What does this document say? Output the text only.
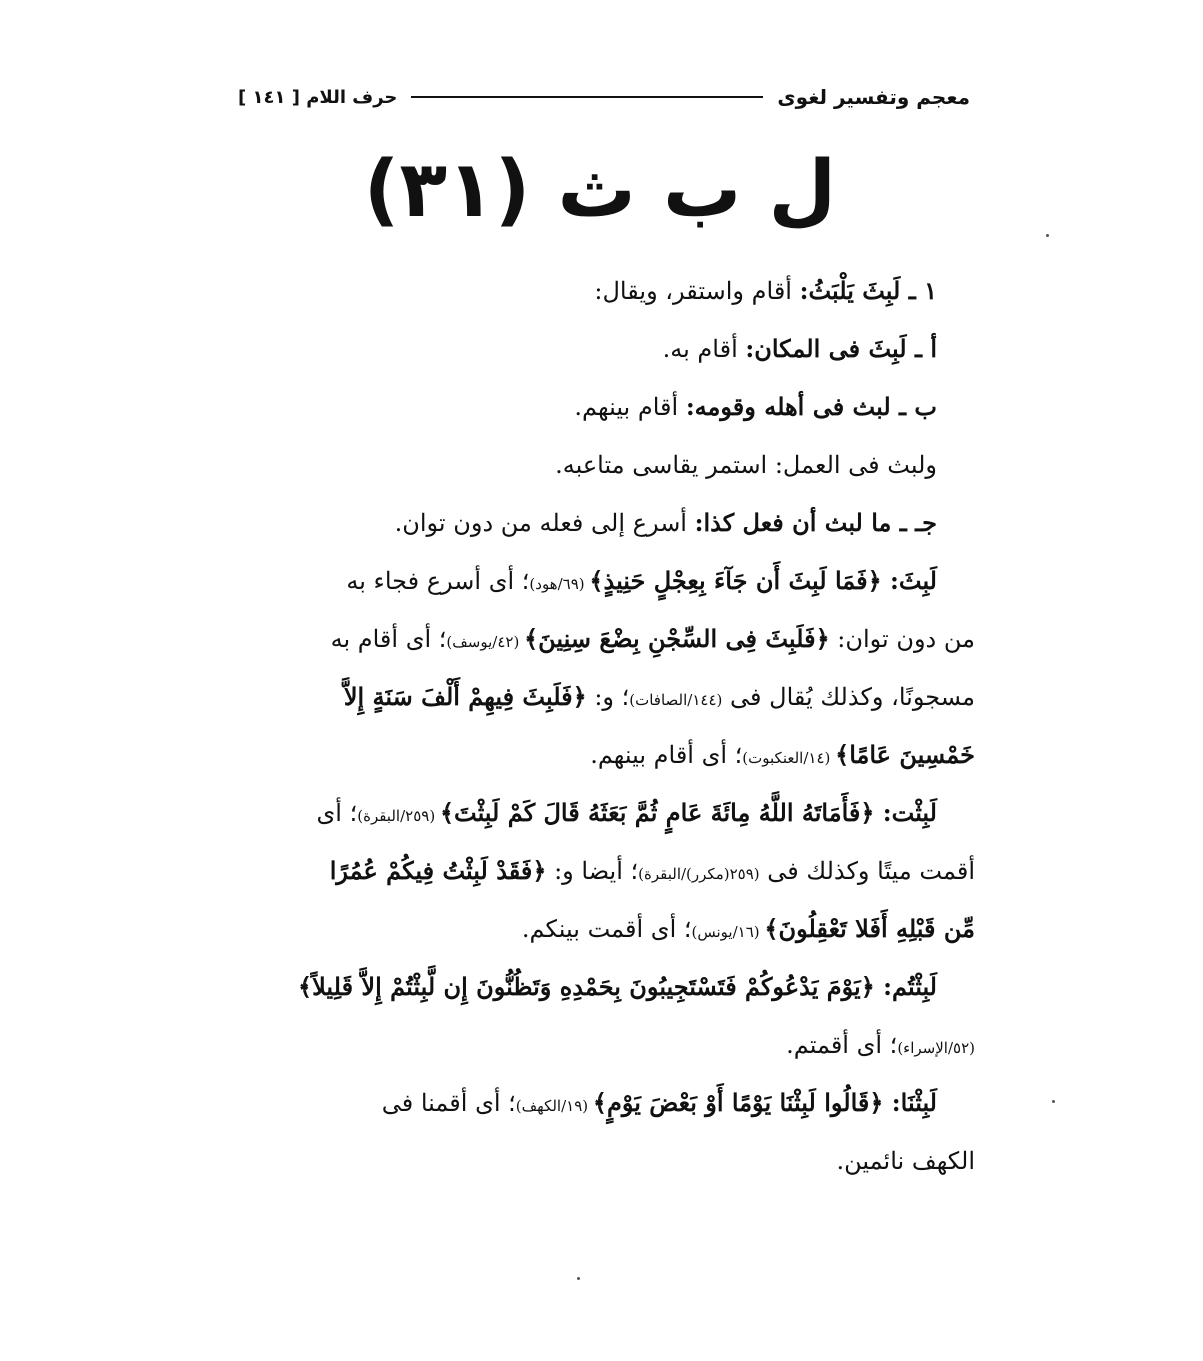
معجم وتفسير لغوى
حرف اللام [ ١٤١ ]
ل ب ث (٣١)
١ ـ لَبِثَ يَلْبَثُ: أقام واستقر، ويقال:
أ ـ لَبِثَ فى المكان: أقام به.
ب ـ لبث فى أهله وقومه: أقام بينهم.
ولبث فى العمل: استمر يقاسى متاعبه.
جـ ـ ما لبث أن فعل كذا: أسرع إلى فعله من دون توان.
لَبِثَ: ﴿فَمَا لَبِثَ أَن جَآءَ بِعِجْلٍ حَنِيذٍ﴾ (٦٩/هود)؛ أى أسرع فجاء به
من دون توان: ﴿فَلَبِثَ فِى السِّجْنِ بِضْعَ سِنِينَ﴾ (٤٢/يوسف)؛ أى أقام به
مسجونًا، وكذلك يُقال فى (١٤٤/الصافات)؛ و: ﴿فَلَبِثَ فِيهِمْ أَلْفَ سَنَةٍ إِلاَّ
خَمْسِينَ عَامًا﴾ (١٤/العنكبوت)؛ أى أقام بينهم.
لَبِثْت: ﴿فَأَمَاتَهُ اللَّهُ مِائَةَ عَامٍ ثُمَّ بَعَثَهُ قَالَ كَمْ لَبِثْتَ﴾ (٢٥٩/البقرة)؛ أى
أقمت ميتًا وكذلك فى (٢٥٩(مكرر)/البقرة)؛ أيضا و: ﴿فَقَدْ لَبِثْتُ فِيكُمْ عُمُرًا
مِّن قَبْلِهِ أَفَلا تَعْقِلُونَ﴾ (١٦/يونس)؛ أى أقمت بينكم.
لَبِثْتُم: ﴿يَوْمَ يَدْعُوكُمْ فَتَسْتَجِيبُونَ بِحَمْدِهِ وَتَظُنُّونَ إِن لَّبِثْتُمْ إِلاَّ قَلِيلاً﴾
(٥٢/الإسراء)؛ أى أقمتم.
لَبِثْنَا: ﴿قَالُوا لَبِثْنَا يَوْمًا أَوْ بَعْضَ يَوْمٍ﴾ (١٩/الكهف)؛ أى أقمنا فى
الكهف نائمين.
